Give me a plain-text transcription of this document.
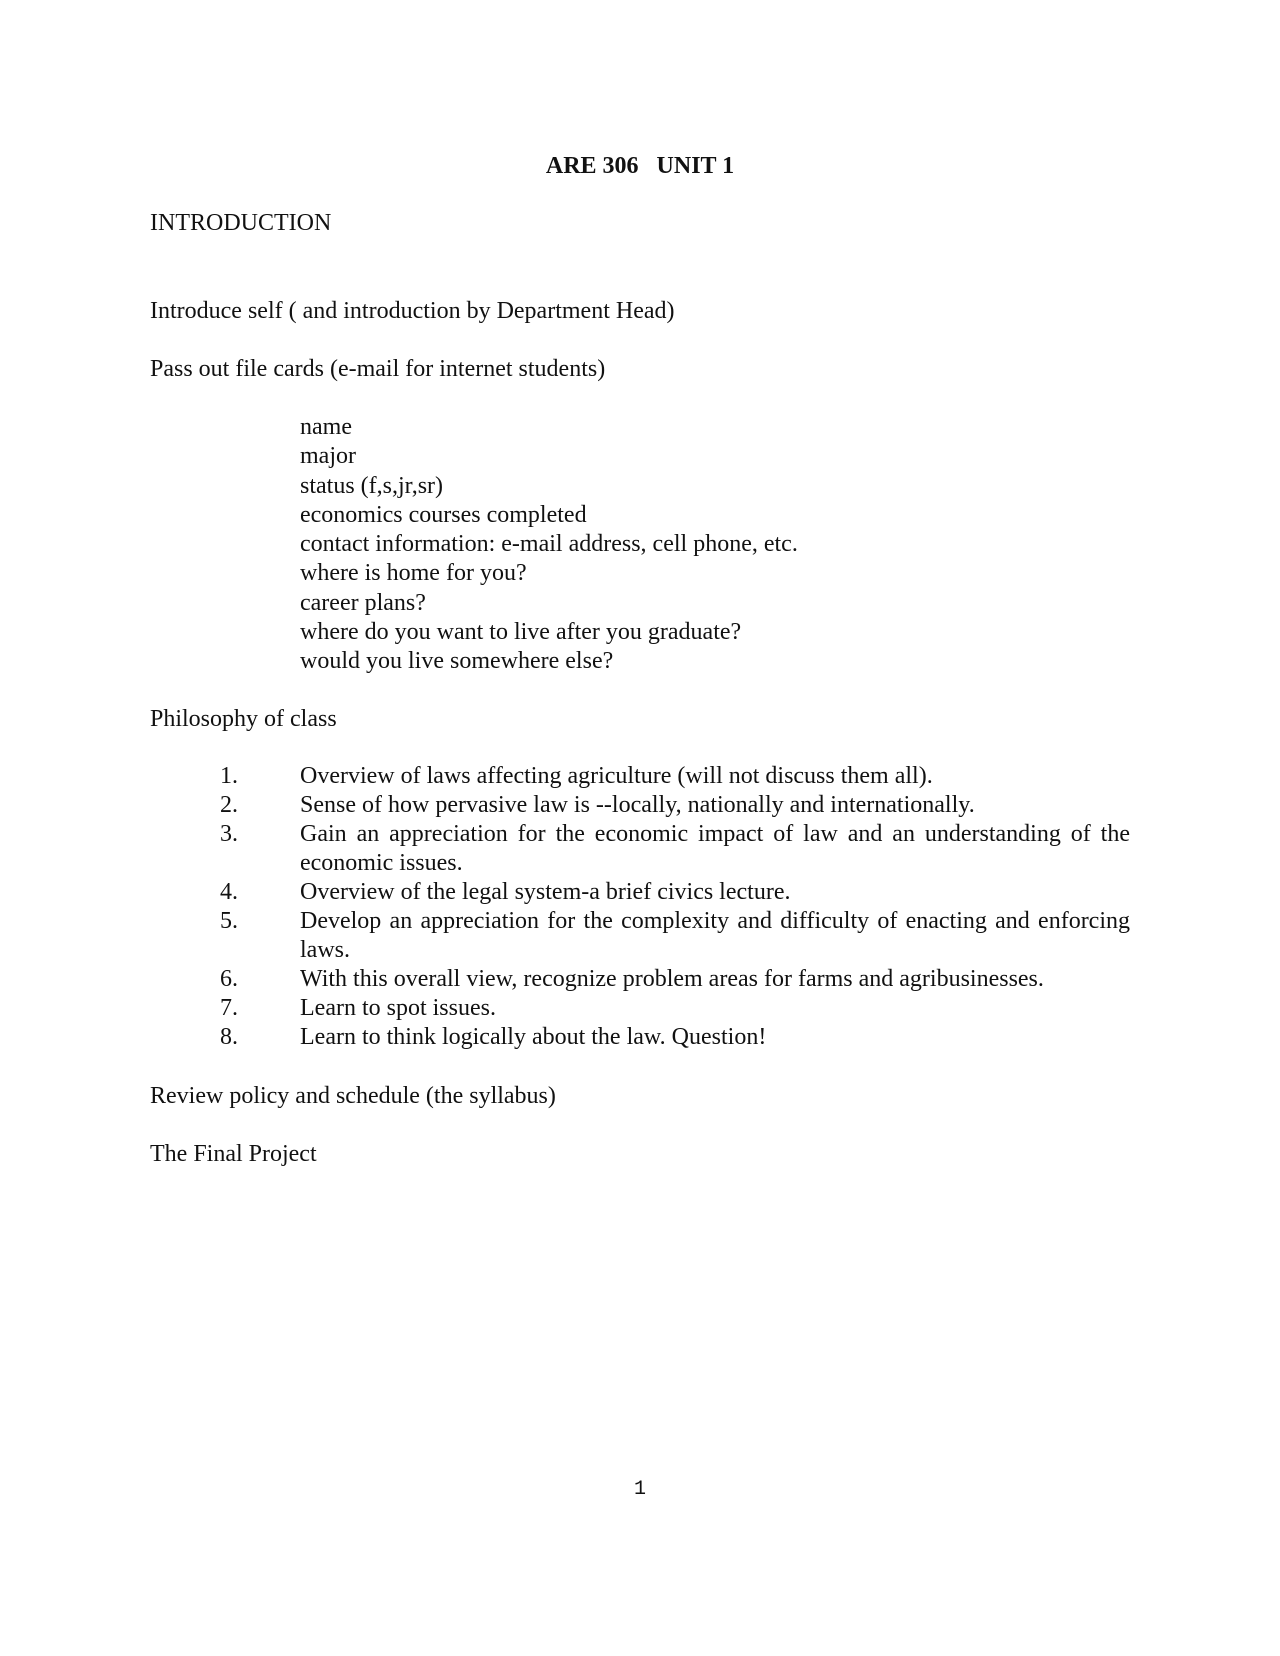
ARE 306   UNIT 1
INTRODUCTION
Introduce self ( and introduction by Department Head)
Pass out file cards (e-mail for internet students)
name
major
status (f,s,jr,sr)
economics courses completed
contact information: e-mail address, cell phone, etc.
where is home for you?
career plans?
where do you want to live after you graduate?
would you live somewhere else?
Philosophy of class
1.	Overview of laws affecting agriculture (will not discuss them all).
2.	Sense of how pervasive law is --locally, nationally and internationally.
3.	Gain an appreciation for the economic impact of law and an understanding of the economic issues.
4.	Overview of the legal system-a brief civics lecture.
5.	Develop an appreciation for the complexity and difficulty of enacting and enforcing laws.
6.	With this overall view, recognize problem areas for farms and agribusinesses.
7.	Learn to spot issues.
8.	Learn to think logically about the law. Question!
Review policy and schedule (the syllabus)
The Final Project
1
